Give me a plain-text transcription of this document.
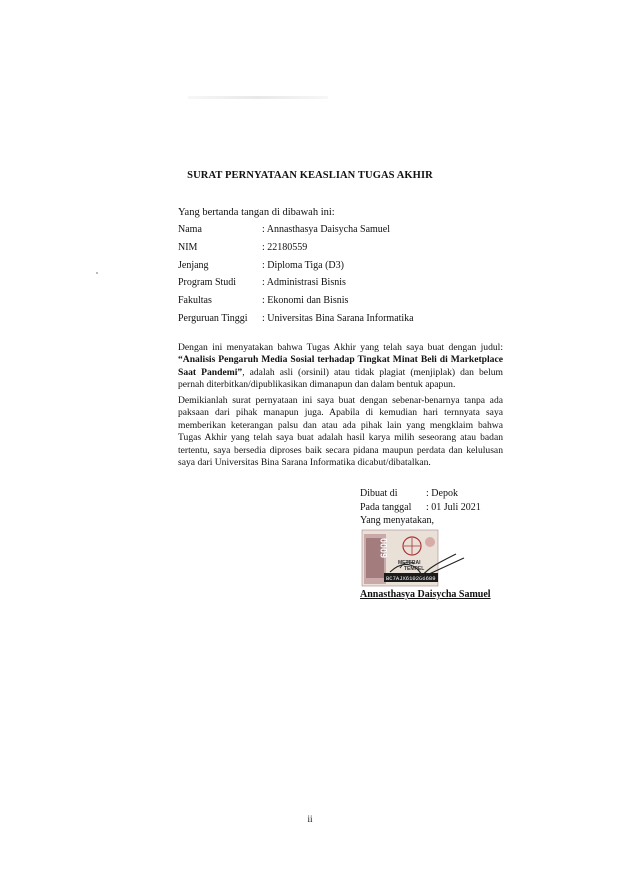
SURAT PERNYATAAN KEASLIAN TUGAS AKHIR
Yang bertanda tangan di dibawah ini:
Nama	: Annasthasya Daisycha Samuel
NIM	: 22180559
Jenjang	: Diploma Tiga (D3)
Program Studi	: Administrasi Bisnis
Fakultas	: Ekonomi dan Bisnis
Perguruan Tinggi	: Universitas Bina Sarana Informatika
Dengan ini menyatakan bahwa Tugas Akhir yang telah saya buat dengan judul: “Analisis Pengaruh Media Sosial terhadap Tingkat Minat Beli di Marketplace Saat Pandemi”, adalah asli (orsinil) atau tidak plagiat (menjiplak) dan belum pernah diterbitkan/dipublikasikan dimanapun dan dalam bentuk apapun.
Demikianlah surat pernyataan ini saya buat dengan sebenar-benarnya tanpa ada paksaan dari pihak manapun juga. Apabila di kemudian hari ternnyata saya memberikan keterangan palsu dan atau ada pihak lain yang mengklaim bahwa Tugas Akhir yang telah saya buat adalah hasil karya milih seseorang atau badan tertentu, saya bersedia diproses baik secara pidana maupun perdata dan kelulusan saya dari Universitas Bina Sarana Informatika dicabut/dibatalkan.
Dibuat di	: Depok
Pada tanggal	: 01 Juli 2021
Yang menyatakan,
6000
METERAI
TEMPEL
BC7AJX610266689
Annasthasya Daisycha Samuel
ii
